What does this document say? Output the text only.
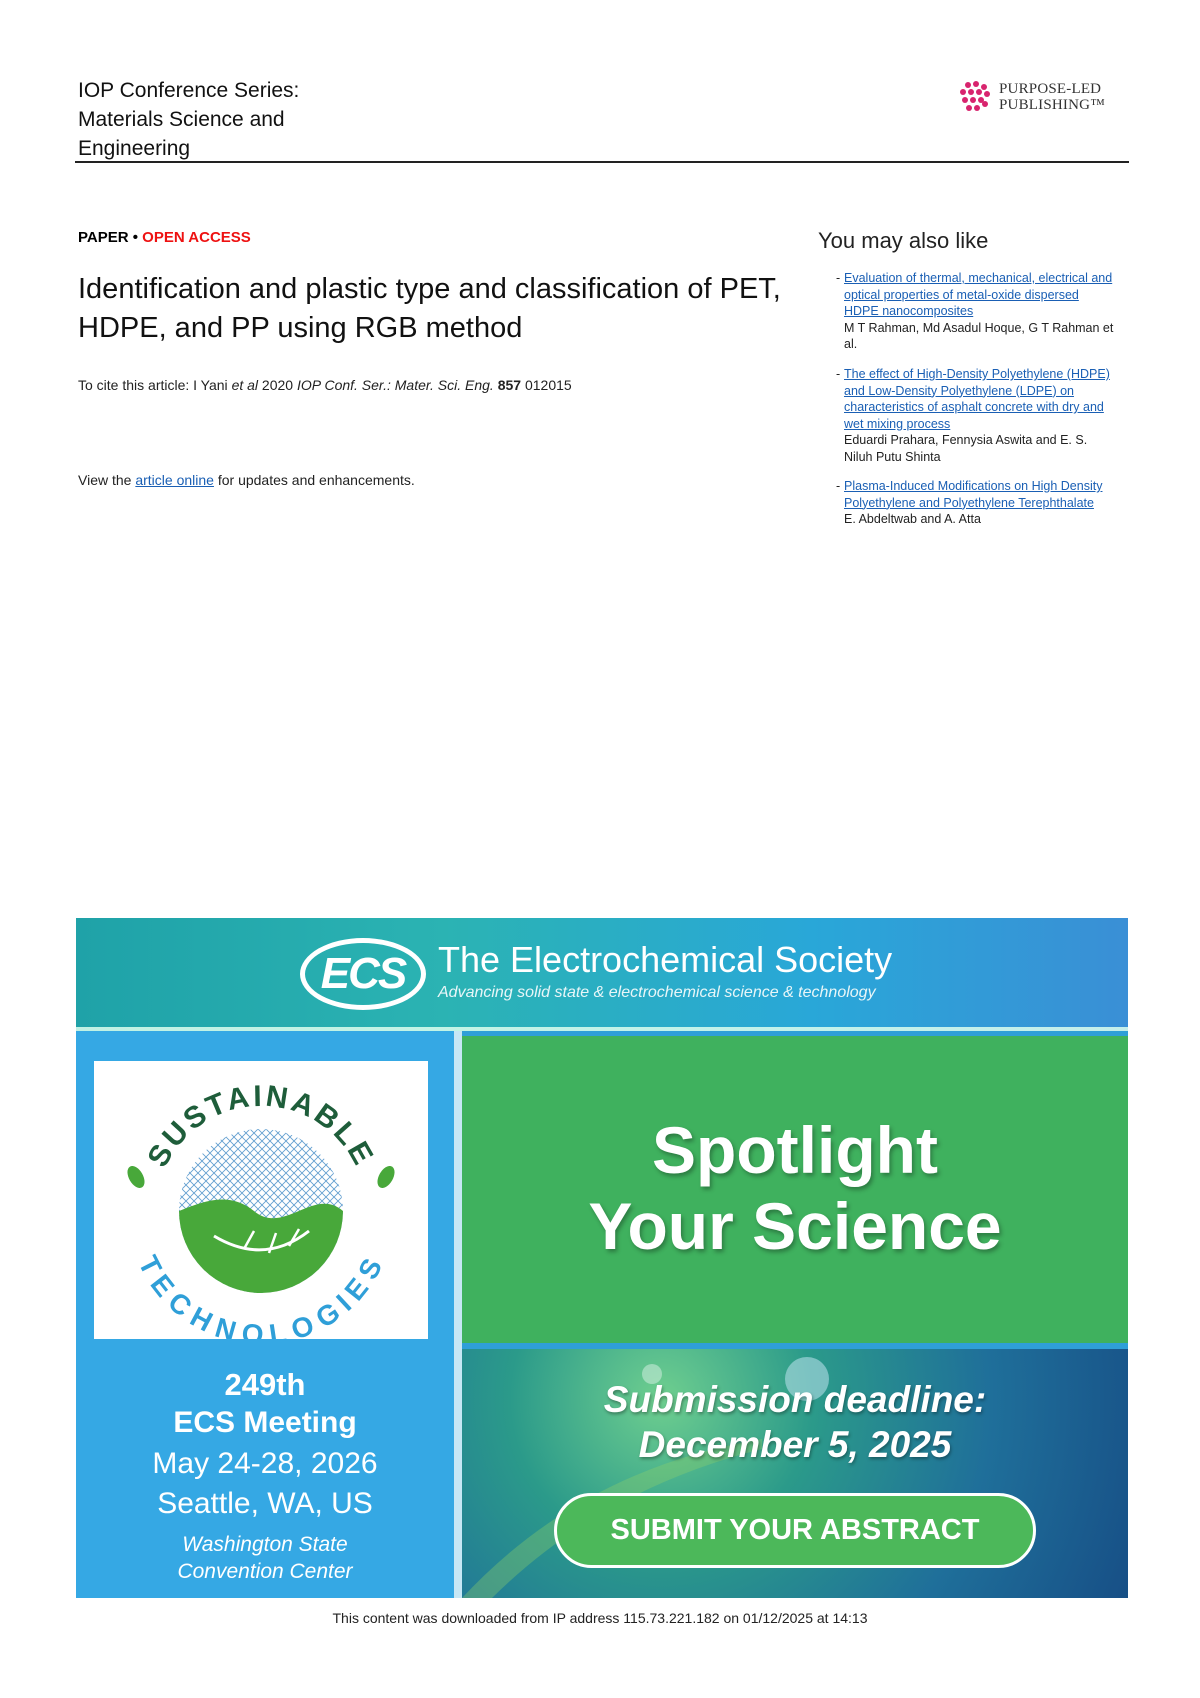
IOP Conference Series:
Materials Science and
Engineering
PURPOSE-LED
PUBLISHING™
PAPER • OPEN ACCESS
Identification and plastic type and classification of PET, HDPE, and PP using RGB method
To cite this article: I Yani et al 2020 IOP Conf. Ser.: Mater. Sci. Eng. 857 012015
View the article online for updates and enhancements.
You may also like
- Evaluation of thermal, mechanical, electrical and optical properties of metal-oxide dispersed HDPE nanocomposites
M T Rahman, Md Asadul Hoque, G T Rahman et al.
- The effect of High-Density Polyethylene (HDPE) and Low-Density Polyethylene (LDPE) on characteristics of asphalt concrete with dry and wet mixing process
Eduardi Prahara, Fennysia Aswita and E. S. Niluh Putu Shinta
- Plasma-Induced Modifications on High Density Polyethylene and Polyethylene Terephthalate
E. Abdeltwab and A. Atta
ECS The Electrochemical Society
Advancing solid state & electrochemical science & technology
SUSTAINABLE
TECHNOLOGIES
249th
ECS Meeting
May 24-28, 2026
Seattle, WA, US
Washington State
Convention Center
Spotlight
Your Science
Submission deadline:
December 5, 2025
SUBMIT YOUR ABSTRACT
This content was downloaded from IP address 115.73.221.182 on 01/12/2025 at 14:13
